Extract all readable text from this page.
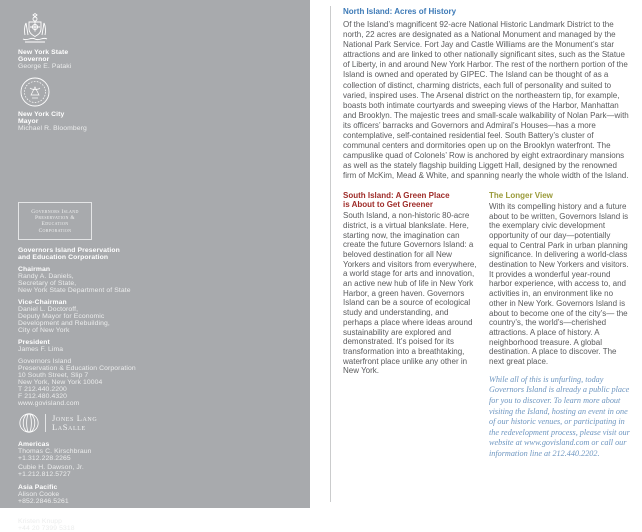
New York State
Governor
George E. Pataki
New York City
Mayor
Michael R. Bloomberg
Governors Island
Preservation & Education
Corporation
Governors Island Preservation
and Education Corporation
Chairman
Randy A. Daniels,
Secretary of State,
New York State Department of State
Vice-Chairman
Daniel L. Doctoroff,
Deputy Mayor for Economic
Development and Rebuilding,
City of New York
President
James F. Lima
Governors Island
Preservation & Education Corporation
10 South Street, Slip 7
New York, New York 10004
T 212.440.2200
F 212.480.4320
www.govisland.com
Jones Lang
LaSalle
Americas
Thomas C. Kirschbraun
+1.312.228.2265
Cubie H. Dawson, Jr.
+1.212.812.5727
Asia Pacific
Alison Cooke
+852.2846.5261
Europe
Kristen Knupp
+44 20 7399 5318
North Island: Acres of History
Of the Island’s magnificent 92-acre National Historic Landmark District to the north, 22 acres are designated as a National Monument and managed by the National Park Service. Fort Jay and Castle Williams are the Monument’s star attractions and are linked to other nationally significant sites, such as the Statue of Liberty, in and around New York Harbor. The rest of the northern portion of the Island is owned and operated by GIPEC. The Island can be thought of as a collection of distinct, charming districts, each full of personality and suited to varied, inspired uses. The Arsenal district on the northeastern tip, for example, boasts both intimate courtyards and sweeping views of the Harbor, Manhattan and Brooklyn. The majestic trees and small-scale walkability of Nolan Park—with its officers’ barracks and Governors and Admiral’s Houses—has a more contemplative, self-contained residential feel. South Battery’s cluster of communal centers and dormitories open up on the Brooklyn waterfront. The campuslike quad of Colonels’ Row is anchored by eight extraordinary mansions as well as the stately flagship building Liggett Hall, designed by the renowned firm of McKim, Mead & White, and spanning nearly the whole width of the Island.
South Island: A Green Place
is About to Get Greener
South Island, a non-historic 80-acre district, is a virtual blankslate. Here, starting now, the imagination can create the future Governors Island: a beloved destination for all New Yorkers and visitors from everywhere, a world stage for arts and innovation, an active new hub of life in New York Harbor, a green haven. Governors Island can be a source of ecological study and understanding, and perhaps a place where ideas around sustainability are explored and demonstrated. It’s poised for its transformation into a breathtaking, waterfront place unlike any other in New York.
The Longer View
With its compelling history and a future about to be written, Governors Island is the exemplary civic development opportunity of our day—potentially equal to Central Park in urban planning significance. In delivering a world-class destination to New Yorkers and visitors. It provides a wonderful year-round harbor experience, with access to, and activities in, an environment like no other in New York. Governors Island is about to become one of the city’s— the country’s, the world’s—cherished attractions. A place of history. A neighborhood treasure. A global destination. A place to discover. The next great place.
While all of this is unfurling, today Governors Island is already a public place for you to discover. To learn more about visiting the Island, hosting an event in one of our historic venues, or participating in the redevelopment process, please visit our website at www.govisland.com or call our information line at 212.440.2202.
